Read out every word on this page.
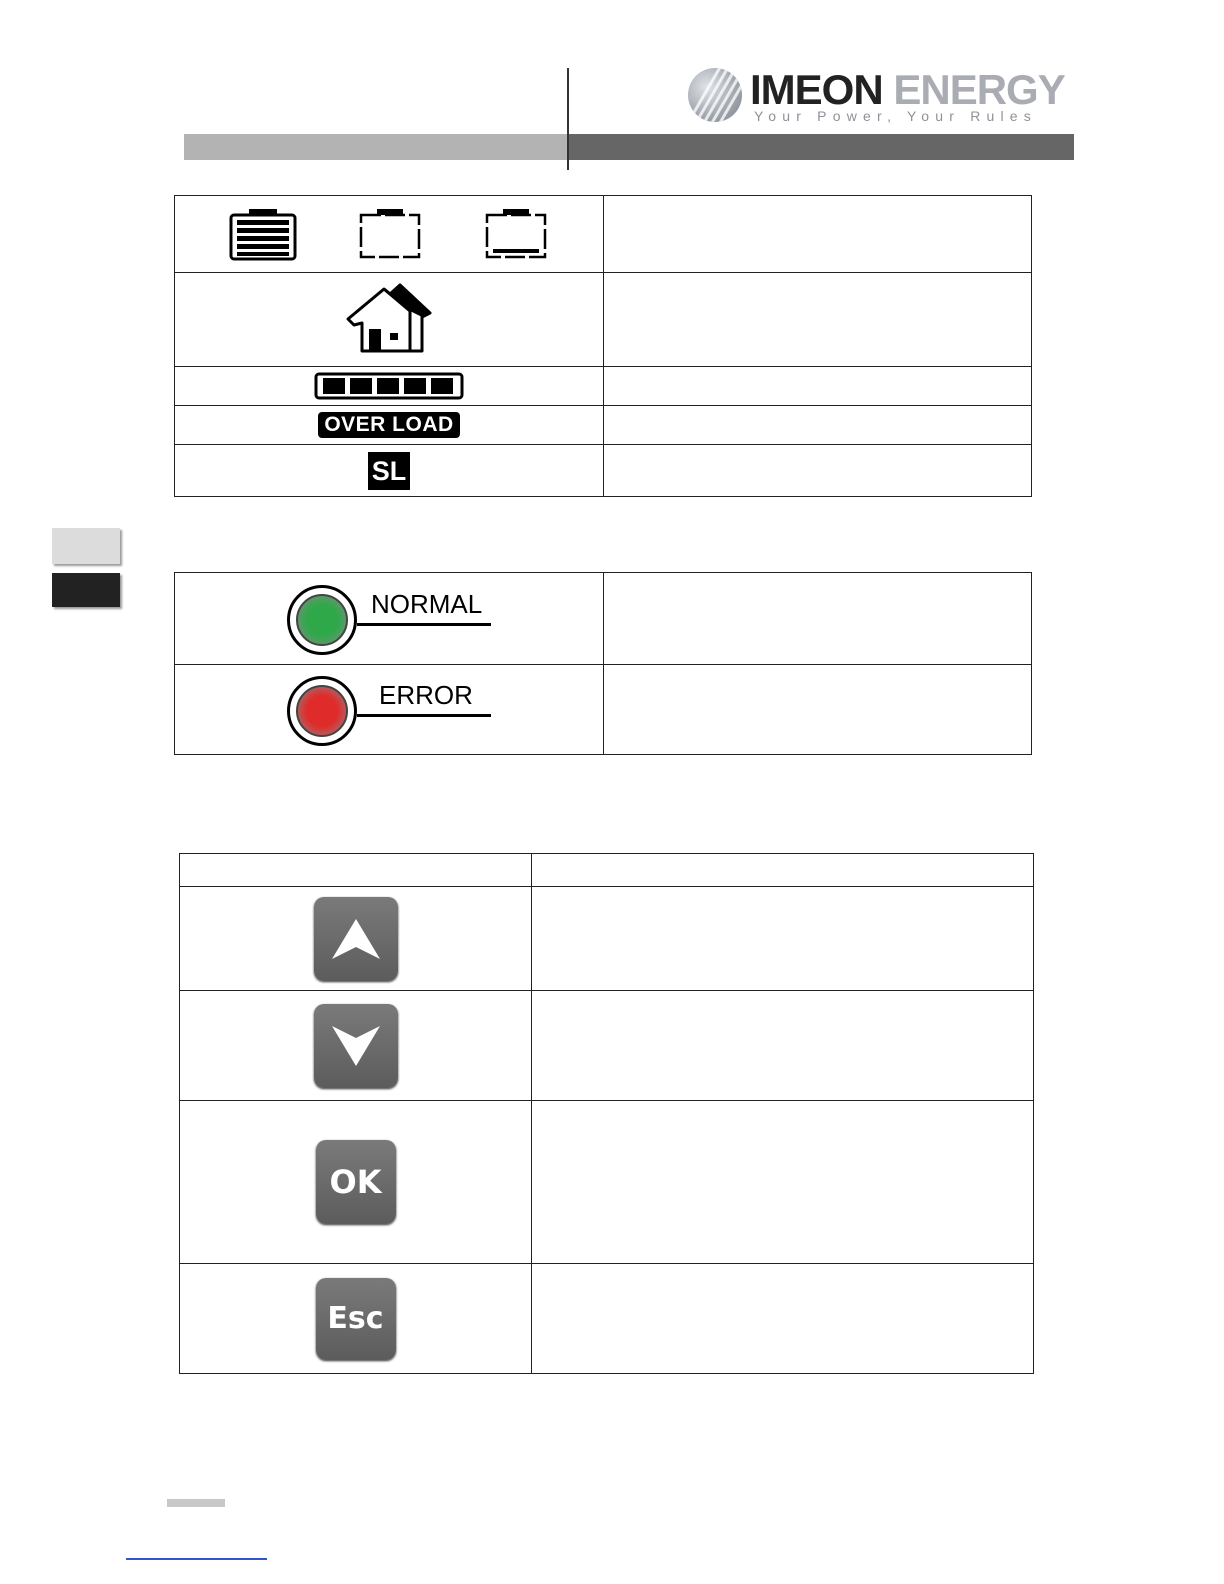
IMEON ENERGY
Your Power, Your Rules

OVER LOAD	
SL	
NORMAL	

ERROR	

OK	

Esc	
